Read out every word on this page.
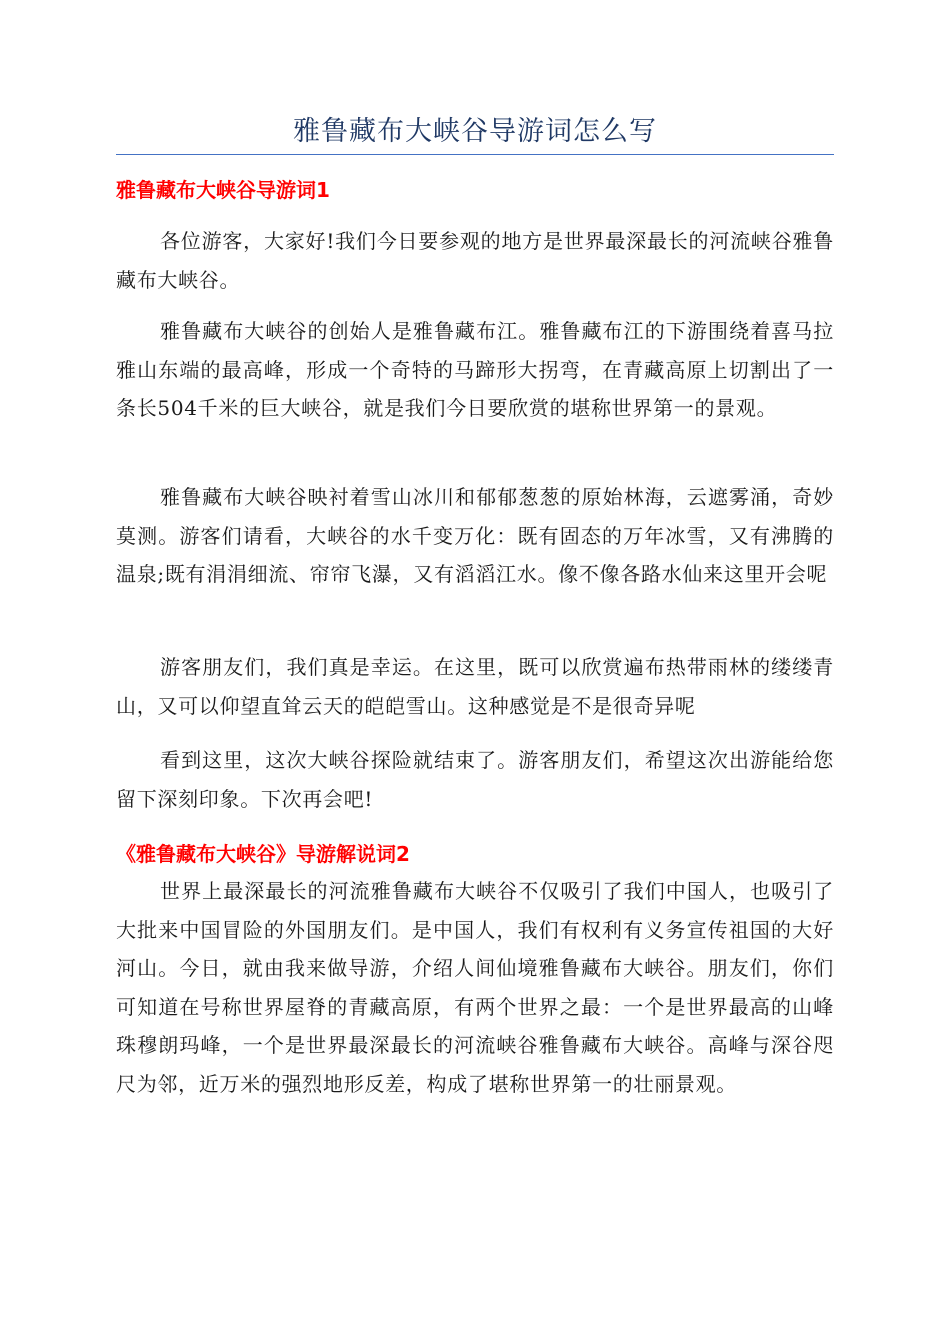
雅鲁藏布大峡谷导游词怎么写
雅鲁藏布大峡谷导游词1

各位游客，大家好!我们今日要参观的地方是世界最深最长的河流峡谷雅鲁藏布大峡谷。

雅鲁藏布大峡谷的创始人是雅鲁藏布江。雅鲁藏布江的下游围绕着喜马拉雅山东端的最高峰，形成一个奇特的马蹄形大拐弯，在青藏高原上切割出了一条长504千米的巨大峡谷，就是我们今日要欣赏的堪称世界第一的景观。

雅鲁藏布大峡谷映衬着雪山冰川和郁郁葱葱的原始林海，云遮雾涌，奇妙莫测。游客们请看，大峡谷的水千变万化：既有固态的万年冰雪，又有沸腾的温泉;既有涓涓细流、帘帘飞瀑，又有滔滔江水。像不像各路水仙来这里开会呢

游客朋友们，我们真是幸运。在这里，既可以欣赏遍布热带雨林的缕缕青山，又可以仰望直耸云天的皑皑雪山。这种感觉是不是很奇异呢

看到这里，这次大峡谷探险就结束了。游客朋友们，希望这次出游能给您留下深刻印象。下次再会吧!

《雅鲁藏布大峡谷》导游解说词2

世界上最深最长的河流雅鲁藏布大峡谷不仅吸引了我们中国人，也吸引了大批来中国冒险的外国朋友们。是中国人，我们有权利有义务宣传祖国的大好河山。今日，就由我来做导游，介绍人间仙境雅鲁藏布大峡谷。朋友们，你们可知道在号称世界屋脊的青藏高原，有两个世界之最：一个是世界最高的山峰珠穆朗玛峰，一个是世界最深最长的河流峡谷雅鲁藏布大峡谷。高峰与深谷咫尺为邻，近万米的强烈地形反差，构成了堪称世界第一的壮丽景观。
